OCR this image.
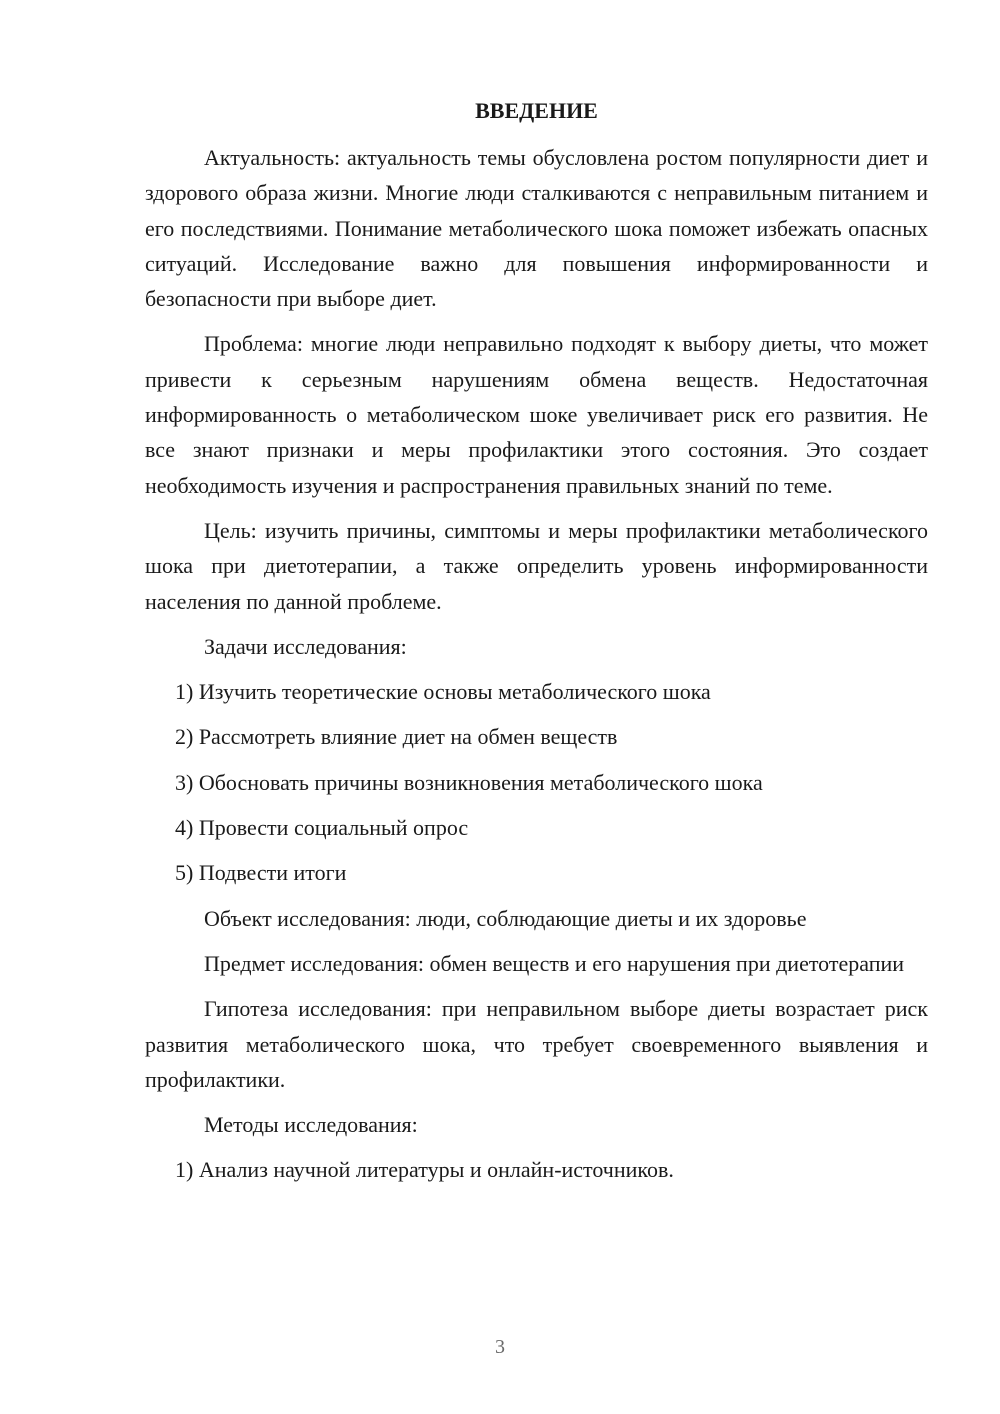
ВВЕДЕНИЕ

Актуальность: актуальность темы обусловлена ростом популярности диет и здорового образа жизни. Многие люди сталкиваются с неправильным питанием и его последствиями. Понимание метаболического шока поможет избежать опасных ситуаций. Исследование важно для повышения информированности и безопасности при выборе диет.

Проблема: многие люди неправильно подходят к выбору диеты, что может привести к серьезным нарушениям обмена веществ. Недостаточная информированность о метаболическом шоке увеличивает риск его развития. Не все знают признаки и меры профилактики этого состояния. Это создает необходимость изучения и распространения правильных знаний по теме.

Цель: изучить причины, симптомы и меры профилактики метаболического шока при диетотерапии, а также определить уровень информированности населения по данной проблеме.

Задачи исследования:

1) Изучить теоретические основы метаболического шока

2) Рассмотреть влияние диет на обмен веществ

3) Обосновать причины возникновения метаболического шока

4) Провести социальный опрос

5) Подвести итоги

Объект исследования: люди, соблюдающие диеты и их здоровье

Предмет исследования: обмен веществ и его нарушения при диетотерапии

Гипотеза исследования: при неправильном выборе диеты возрастает риск развития метаболического шока, что требует своевременного выявления и профилактики.

Методы исследования:

1) Анализ научной литературы и онлайн-источников.

3
